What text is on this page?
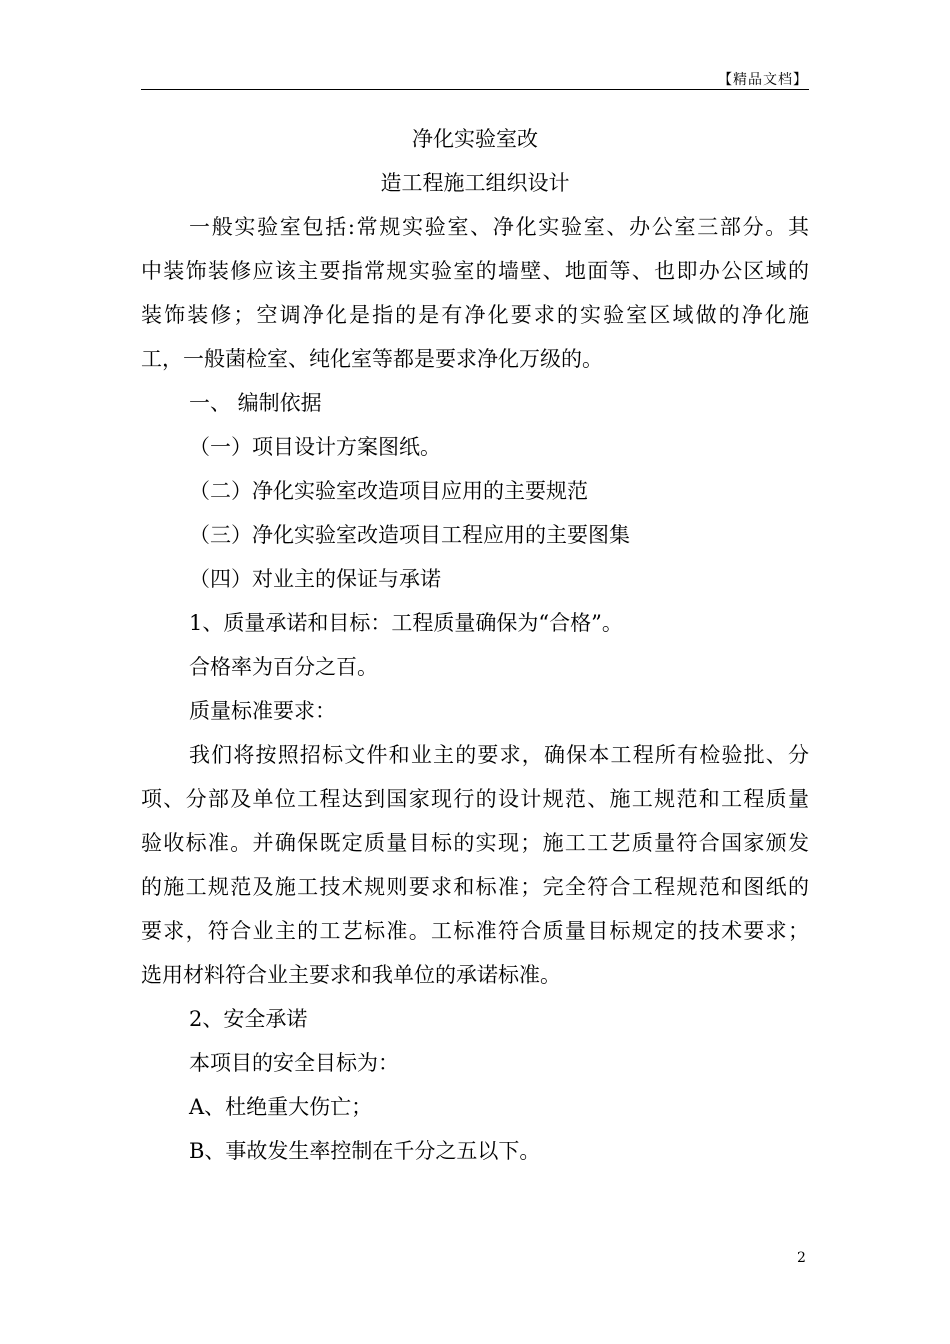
【精品文档】
净化实验室改
造工程施工组织设计
一般实验室包括:常规实验室、净化实验室、办公室三部分。其
中装饰装修应该主要指常规实验室的墙壁、地面等、也即办公区域的
装饰装修；空调净化是指的是有净化要求的实验室区域做的净化施
工，一般菌检室、纯化室等都是要求净化万级的。
一、 编制依据
（一）项目设计方案图纸。
（二）净化实验室改造项目应用的主要规范
（三）净化实验室改造项目工程应用的主要图集
（四）对业主的保证与承诺
1、质量承诺和目标：工程质量确保为“合格”。
合格率为百分之百。
质量标准要求：
我们将按照招标文件和业主的要求，确保本工程所有检验批、分
项、分部及单位工程达到国家现行的设计规范、施工规范和工程质量
验收标准。并确保既定质量目标的实现；施工工艺质量符合国家颁发
的施工规范及施工技术规则要求和标准；完全符合工程规范和图纸的
要求，符合业主的工艺标准。工标准符合质量目标规定的技术要求；
选用材料符合业主要求和我单位的承诺标准。
2、安全承诺
本项目的安全目标为：
A、杜绝重大伤亡；
B、事故发生率控制在千分之五以下。
2
